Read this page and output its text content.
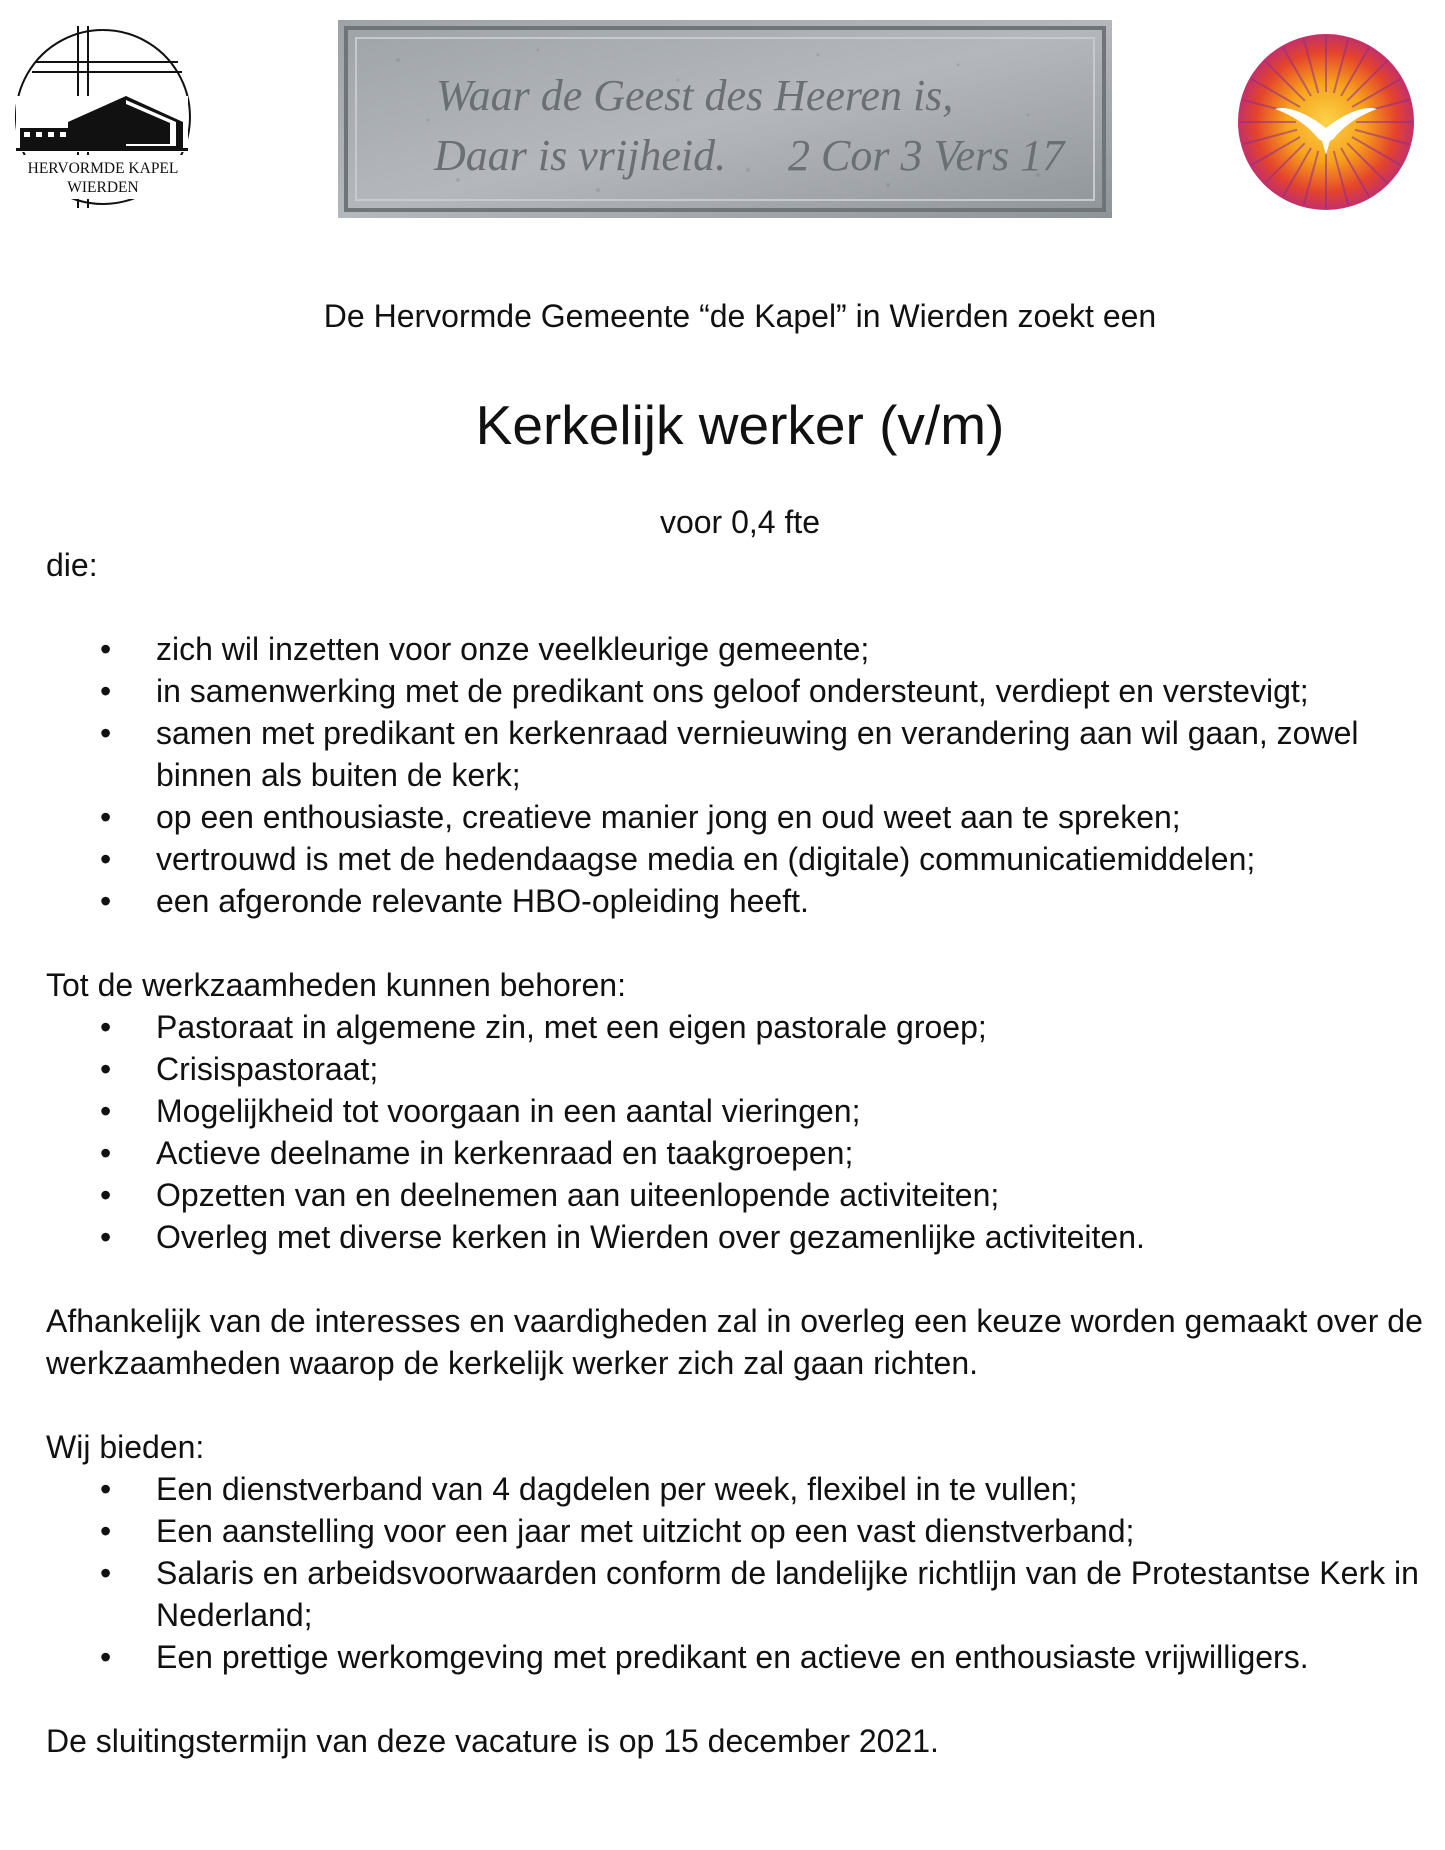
HERVORMDE KAPEL
WIERDEN
Waar de Geest des Heeren is,
Daar is vrijheid. 2 Cor 3 Vers 17
De Hervormde Gemeente “de Kapel” in Wierden zoekt een
Kerkelijk werker (v/m)
voor 0,4 fte

die:

• zich wil inzetten voor onze veelkleurige gemeente;
• in samenwerking met de predikant ons geloof ondersteunt, verdiept en verstevigt;
• samen met predikant en kerkenraad vernieuwing en verandering aan wil gaan, zowel binnen als buiten de kerk;
• op een enthousiaste, creatieve manier jong en oud weet aan te spreken;
• vertrouwd is met de hedendaagse media en (digitale) communicatiemiddelen;
• een afgeronde relevante HBO-opleiding heeft.

Tot de werkzaamheden kunnen behoren:

• Pastoraat in algemene zin, met een eigen pastorale groep;
• Crisispastoraat;
• Mogelijkheid tot voorgaan in een aantal vieringen;
• Actieve deelname in kerkenraad en taakgroepen;
• Opzetten van en deelnemen aan uiteenlopende activiteiten;
• Overleg met diverse kerken in Wierden over gezamenlijke activiteiten.

Afhankelijk van de interesses en vaardigheden zal in overleg een keuze worden gemaakt over de werkzaamheden waarop de kerkelijk werker zich zal gaan richten.

Wij bieden:

• Een dienstverband van 4 dagdelen per week, flexibel in te vullen;
• Een aanstelling voor een jaar met uitzicht op een vast dienstverband;
• Salaris en arbeidsvoorwaarden conform de landelijke richtlijn van de Protestantse Kerk in Nederland;
• Een prettige werkomgeving met predikant en actieve en enthousiaste vrijwilligers.

De sluitingstermijn van deze vacature is op 15 december 2021.
